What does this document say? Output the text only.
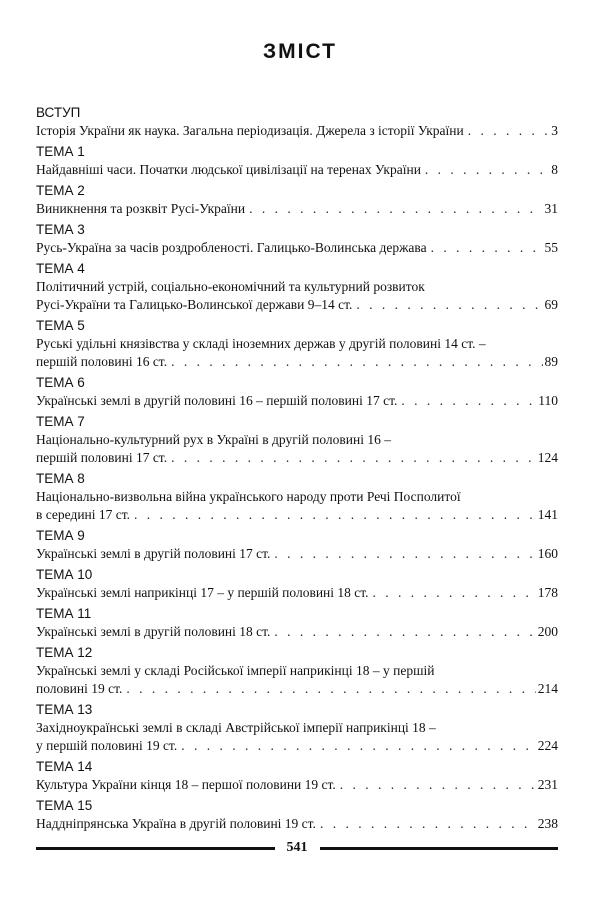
ЗМІСТ
ВСТУП
Історія України як наука. Загальна періодизація. Джерела з історії України . . .	3
ТЕМА 1
Найдавніші часи. Початки людської цивілізації на теренах України . . .	8
ТЕМА 2
Виникнення та розквіт Русі-України . . .	31
ТЕМА 3
Русь-Україна за часів роздробленості. Галицько-Волинська держава . . .	55
ТЕМА 4
Політичний устрій, соціально-економічний та культурний розвиток
Русі-України та Галицько-Волинської держави 9–14 ст. . . .	69
ТЕМА 5
Руські удільні князівства у складі іноземних держав у другій половині 14 ст. –
першій половині 16 ст. . . .	89
ТЕМА 6
Українські землі в другій половині 16 – першій половині 17 ст. . . .	110
ТЕМА 7
Національно-культурний рух в Україні в другій половині 16 –
першій половині 17 ст. . . .	124
ТЕМА 8
Національно-визвольна війна українського народу проти Речі Посполитої
в середині 17 ст. . . .	141
ТЕМА 9
Українські землі в другій половині 17 ст. . . .	160
ТЕМА 10
Українські землі наприкінці 17 – у першій половині 18 ст. . . .	178
ТЕМА 11
Українські землі в другій половині 18 ст. . . .	200
ТЕМА 12
Українські землі у складі Російської імперії наприкінці 18 – у першій
половині 19 ст. . . .	214
ТЕМА 13
Західноукраїнські землі в складі Австрійської імперії наприкінці 18 –
у першій половині 19 ст. . . .	224
ТЕМА 14
Культура України кінця 18 – першої половини 19 ст. . . .	231
ТЕМА 15
Наддніпрянська Україна в другій половині 19 ст. . . .	238
541
